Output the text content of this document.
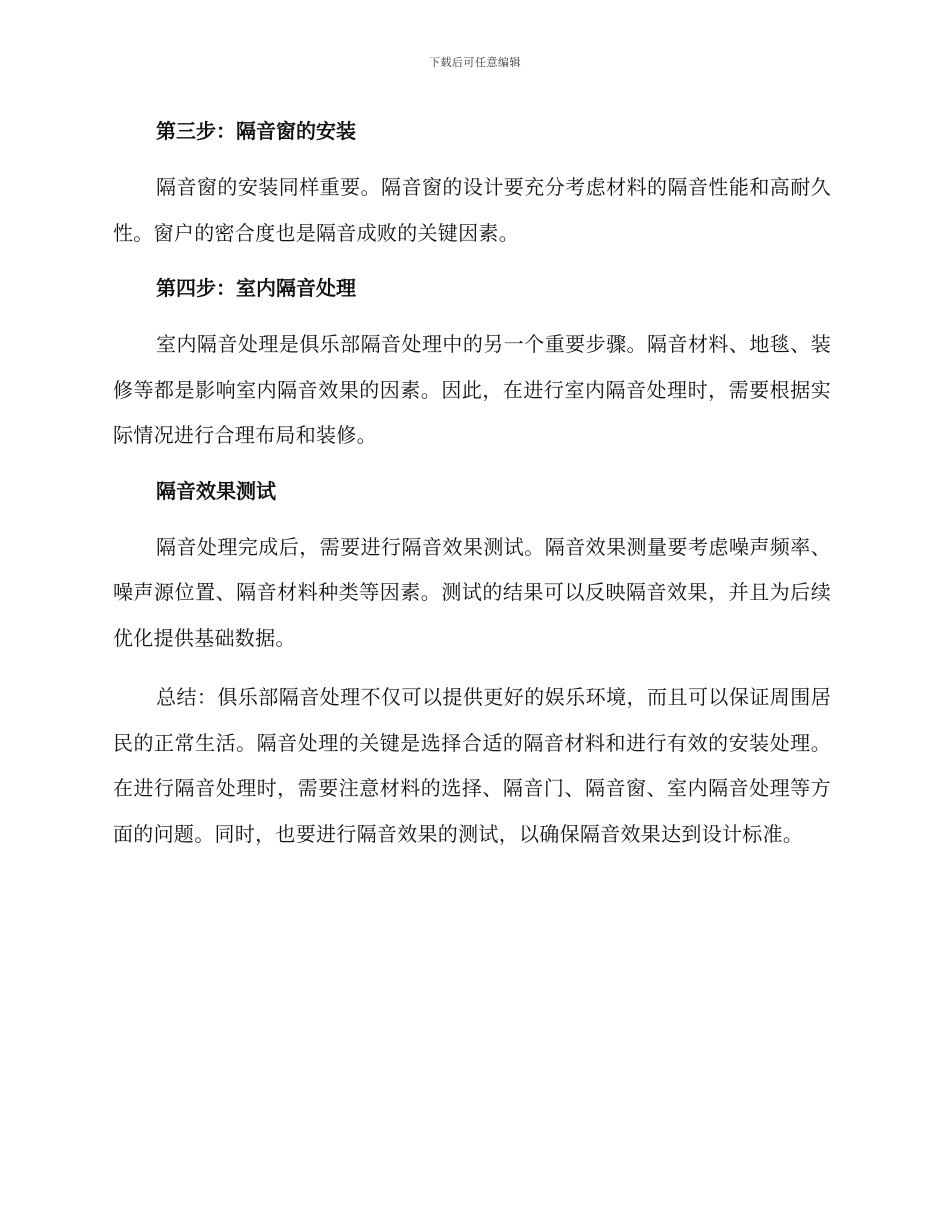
下载后可任意编辑
第三步：隔音窗的安装

隔音窗的安装同样重要。隔音窗的设计要充分考虑材料的隔音性能和高耐久性。窗户的密合度也是隔音成败的关键因素。

第四步：室内隔音处理

室内隔音处理是俱乐部隔音处理中的另一个重要步骤。隔音材料、地毯、装修等都是影响室内隔音效果的因素。因此，在进行室内隔音处理时，需要根据实际情况进行合理布局和装修。

隔音效果测试

隔音处理完成后，需要进行隔音效果测试。隔音效果测量要考虑噪声频率、噪声源位置、隔音材料种类等因素。测试的结果可以反映隔音效果，并且为后续优化提供基础数据。

总结：俱乐部隔音处理不仅可以提供更好的娱乐环境，而且可以保证周围居民的正常生活。隔音处理的关键是选择合适的隔音材料和进行有效的安装处理。在进行隔音处理时，需要注意材料的选择、隔音门、隔音窗、室内隔音处理等方面的问题。同时，也要进行隔音效果的测试，以确保隔音效果达到设计标准。
